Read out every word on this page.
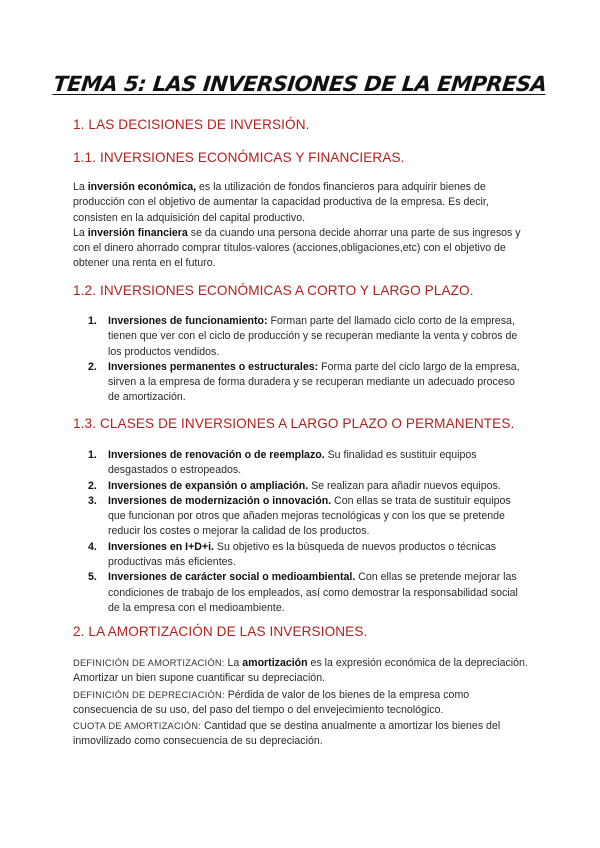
TEMA 5: LAS INVERSIONES DE LA EMPRESA
1. LAS DECISIONES DE INVERSIÓN.
1.1. INVERSIONES ECONÓMICAS Y FINANCIERAS.
La inversión económica, es la utilización de fondos financieros para adquirir bienes de producción con el objetivo de aumentar la capacidad productiva de la empresa. Es decir, consisten en la adquisición del capital productivo.
La inversión financiera se da cuando una persona decide ahorrar una parte de sus ingresos y con el dinero ahorrado comprar títulos-valores (acciones,obligaciones,etc) con el objetivo de obtener una renta en el futuro.
1.2. INVERSIONES ECONÓMICAS A CORTO Y LARGO PLAZO.
1. Inversiones de funcionamiento: Forman parte del llamado ciclo corto de la empresa, tienen que ver con el ciclo de producción y se recuperan mediante la venta y cobros de los productos vendidos.
2. Inversiones permanentes o estructurales: Forma parte del ciclo largo de la empresa, sirven a la empresa de forma duradera y se recuperan mediante un adecuado proceso de amortización.
1.3. CLASES DE INVERSIONES A LARGO PLAZO O PERMANENTES.
1. Inversiones de renovación o de reemplazo. Su finalidad es sustituir equipos desgastados o estropeados.
2. Inversiones de expansión o ampliación. Se realizan para añadir nuevos equipos.
3. Inversiones de modernización o innovación. Con ellas se trata de sustituir equipos que funcionan por otros que añaden mejoras tecnológicas y con los que se pretende reducir los costes o mejorar la calidad de los productos.
4. Inversiones en I+D+i. Su objetivo es la búsqueda de nuevos productos o técnicas productivas más eficientes.
5. Inversiones de carácter social o medioambiental. Con ellas se pretende mejorar las condiciones de trabajo de los empleados, así como demostrar la responsabilidad social de la empresa con el medioambiente.
2. LA AMORTIZACIÓN DE LAS INVERSIONES.
DEFINICIÓN DE AMORTIZACIÓN: La amortización es la expresión económica de la depreciación. Amortizar un bien supone cuantificar su depreciación.
DEFINICIÓN DE DEPRECIACIÓN: Pérdida de valor de los bienes de la empresa como consecuencia de su uso, del paso del tiempo o del envejecimiento tecnológico.
CUOTA DE AMORTIZACIÓN: Cantidad que se destina anualmente a amortizar los bienes del inmovilizado como consecuencia de su depreciación.
